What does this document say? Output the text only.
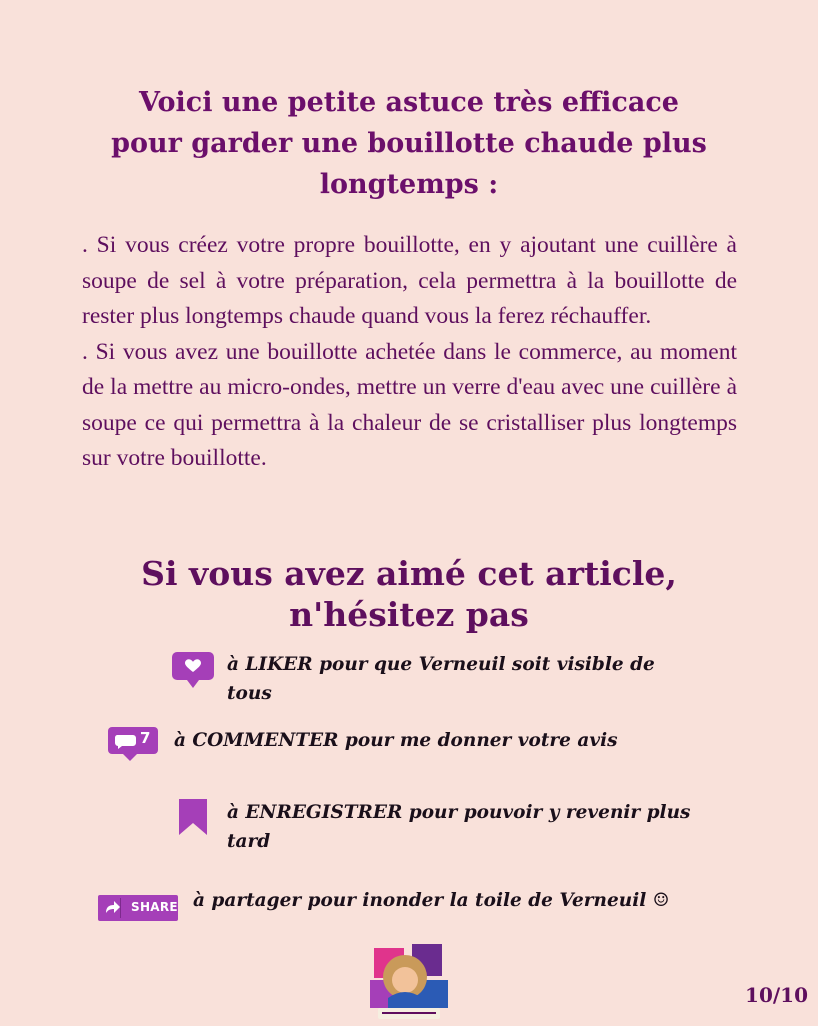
Voici une petite astuce très efficace pour garder une bouillotte chaude plus longtemps :

. Si vous créez votre propre bouillotte, en y ajoutant une cuillère à soupe de sel à votre préparation, cela permettra à la bouillotte de rester plus longtemps chaude quand vous la ferez réchauffer.

. Si vous avez une bouillotte achetée dans le commerce, au moment de la mettre au micro-ondes, mettre un verre d'eau avec une cuillère à soupe ce qui permettra à la chaleur de se cristalliser plus longtemps sur votre bouillotte.

Si vous avez aimé cet article,
n'hésitez pas
à LIKER pour que Verneuil soit visible de tous
7 à COMMENTER pour me donner votre avis
à ENREGISTRER pour pouvoir y revenir plus tard
SHARE à partager pour inonder la toile de Verneuil ☺
10/10
